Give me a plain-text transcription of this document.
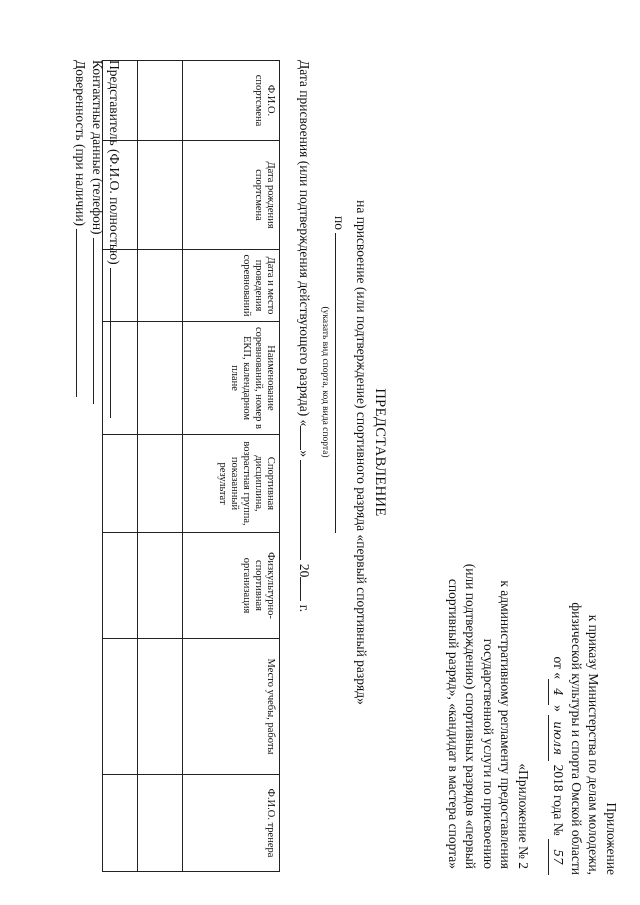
Приложение
к приказу Министерства по делам молодежи,
физической культуры и спорта Омской области
от «4» июля 2018 года № 57
«Приложение № 2
к административному регламенту предоставления
государственной услуги по присвоению
(или подтверждению) спортивных разрядов «первый
спортивный разряд», «кандидат в мастера спорта»
ПРЕДСТАВЛЕНИЕ
на присвоение (или подтверждение) спортивного разряда «первый спортивный разряд»
по
(указать вид спорта, код вида спорта)
Дата присвоения (или подтверждения действующего разряда) «»  20 г.
Ф.И.О. спортсмена	Дата рождения спортсмена	Дата и место проведения соревнований	Наименование соревнований, номер в ЕКП, календарном плане	Спортивная дисциплина, возрастная группа, показанный результат	Физкультурно-спортивная организация	Место учебы, работы	Ф.И.О. тренера

Представитель (Ф.И.О. полностью)
Контактные данные (телефон)
Доверенность (при наличии)
